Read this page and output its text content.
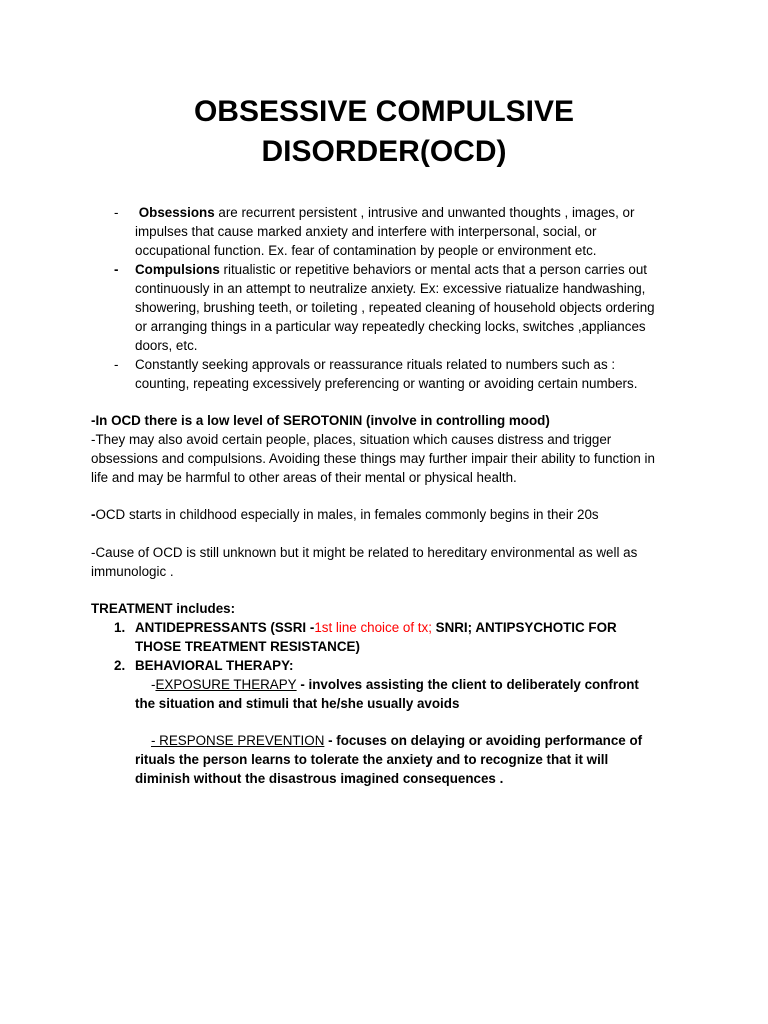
OBSESSIVE COMPULSIVE
DISORDER(OCD)
- Obsessions are recurrent persistent , intrusive and unwanted thoughts , images, or
impulses that cause marked anxiety and interfere with interpersonal, social, or
occupational function. Ex. fear of contamination by people or environment etc.
- Compulsions ritualistic or repetitive behaviors or mental acts that a person carries out
continuously in an attempt to neutralize anxiety. Ex: excessive riatualize handwashing,
showering, brushing teeth, or toileting , repeated cleaning of household objects ordering
or arranging things in a particular way repeatedly checking locks, switches ,appliances
doors, etc.
- Constantly seeking approvals or reassurance rituals related to numbers such as :
counting, repeating excessively preferencing or wanting or avoiding certain numbers.
-In OCD there is a low level of SEROTONIN (involve in controlling mood)
-They may also avoid certain people, places, situation which causes distress and trigger
obsessions and compulsions. Avoiding these things may further impair their ability to function in
life and may be harmful to other areas of their mental or physical health.
-OCD starts in childhood especially in males, in females commonly begins in their 20s
-Cause of OCD is still unknown but it might be related to hereditary environmental as well as
immunologic .
TREATMENT includes:
1. ANTIDEPRESSANTS (SSRI -1st line choice of tx; SNRI; ANTIPSYCHOTIC FOR
THOSE TREATMENT RESISTANCE)
2. BEHAVIORAL THERAPY:
-EXPOSURE THERAPY - involves assisting the client to deliberately confront
the situation and stimuli that he/she usually avoids
- RESPONSE PREVENTION - focuses on delaying or avoiding performance of
rituals the person learns to tolerate the anxiety and to recognize that it will
diminish without the disastrous imagined consequences .
